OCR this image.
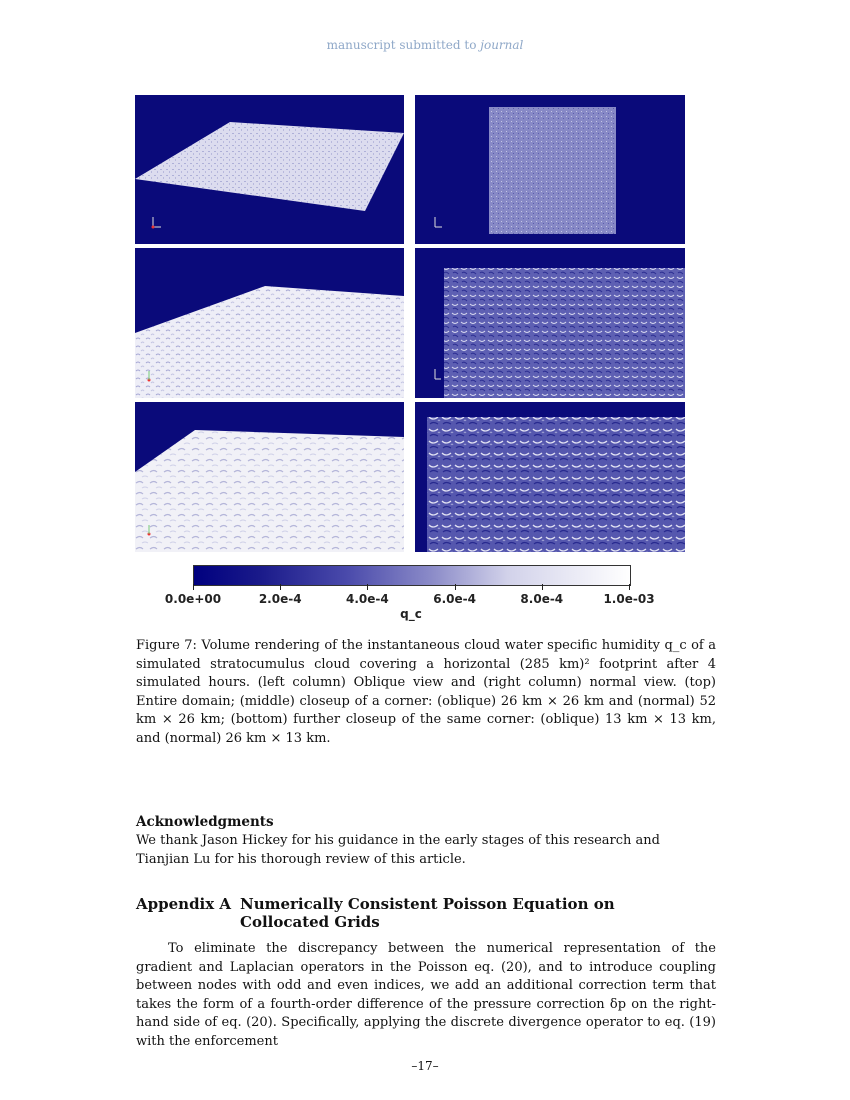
manuscript submitted to journal
0.0e+00	2.0e-4	4.0e-4	6.0e-4	8.0e-4	1.0e-03
q_c
Figure 7: Volume rendering of the instantaneous cloud water specific humidity q_c of a simulated stratocumulus cloud covering a horizontal (285 km)² footprint after 4 simulated hours. (left column) Oblique view and (right column) normal view. (top) Entire domain; (middle) closeup of a corner: (oblique) 26 km × 26 km and (normal) 52 km × 26 km; (bottom) further closeup of the same corner: (oblique) 13 km × 13 km, and (normal) 26 km × 13 km.
Acknowledgments
We thank Jason Hickey for his guidance in the early stages of this research and Tianjian Lu for his thorough review of this article.
Appendix A Numerically Consistent Poisson Equation on Collocated Grids
To eliminate the discrepancy between the numerical representation of the gradient and Laplacian operators in the Poisson eq. (20), and to introduce coupling between nodes with odd and even indices, we add an additional correction term that takes the form of a fourth-order difference of the pressure correction δp on the right-hand side of eq. (20). Specifically, applying the discrete divergence operator to eq. (19) with the enforcement
–17–
